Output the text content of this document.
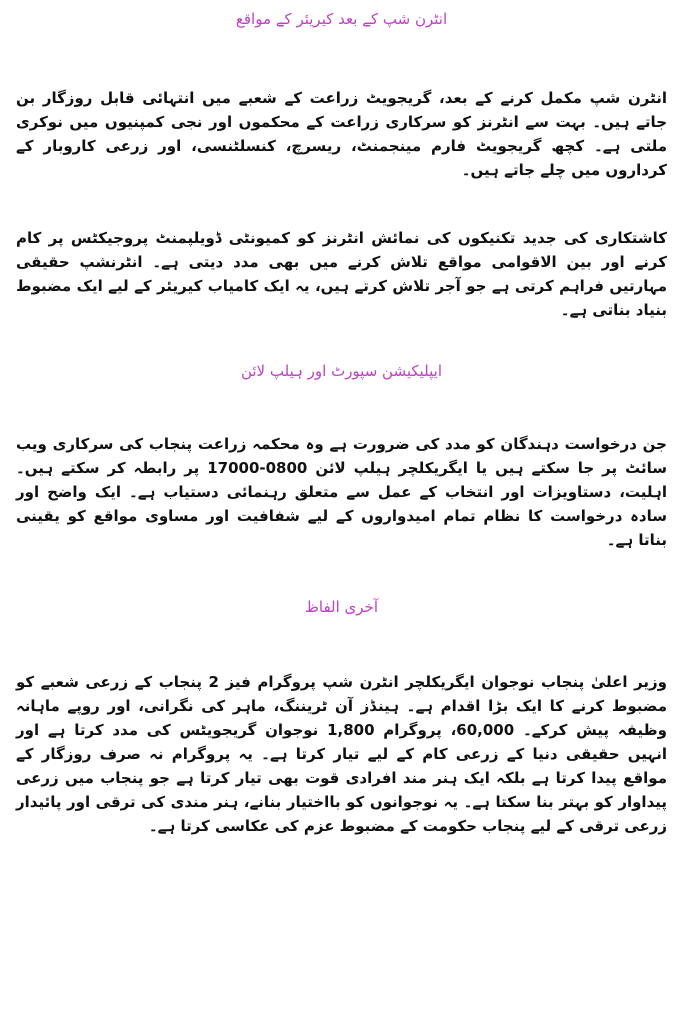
انٹرن شپ کے بعد کیریئر کے مواقع

انٹرن شپ مکمل کرنے کے بعد، گریجویٹ زراعت کے شعبے میں انتہائی قابل روزگار بن جاتے ہیں۔ بہت سے انٹرنز کو سرکاری زراعت کے محکموں اور نجی کمپنیوں میں نوکری ملتی ہے۔ کچھ گریجویٹ فارم مینجمنٹ، ریسرچ، کنسلٹنسی، اور زرعی کاروبار کے کرداروں میں چلے جاتے ہیں۔

کاشتکاری کی جدید تکنیکوں کی نمائش انٹرنز کو کمیونٹی ڈویلپمنٹ پروجیکٹس پر کام کرنے اور بین الاقوامی مواقع تلاش کرنے میں بھی مدد دیتی ہے۔ انٹرنشپ حقیقی مہارتیں فراہم کرتی ہے جو آجر تلاش کرتے ہیں، یہ ایک کامیاب کیریئر کے لیے ایک مضبوط بنیاد بناتی ہے۔

ایپلیکیشن سپورٹ اور ہیلپ لائن

جن درخواست دہندگان کو مدد کی ضرورت ہے وہ محکمہ زراعت پنجاب کی سرکاری ویب سائٹ پر جا سکتے ہیں یا ایگریکلچر ہیلپ لائن 0800-17000 پر رابطہ کر سکتے ہیں۔ اہلیت، دستاویزات اور انتخاب کے عمل سے متعلق رہنمائی دستیاب ہے۔ ایک واضح اور سادہ درخواست کا نظام تمام امیدواروں کے لیے شفافیت اور مساوی مواقع کو یقینی بناتا ہے۔

آخری الفاظ

وزیر اعلیٰ پنجاب نوجوان ایگریکلچر انٹرن شپ پروگرام فیز 2 پنجاب کے زرعی شعبے کو مضبوط کرنے کا ایک بڑا اقدام ہے۔ ہینڈز آن ٹریننگ، ماہر کی نگرانی، اور روپے ماہانہ وظیفہ پیش کرکے۔ 60,000، پروگرام 1,800 نوجوان گریجویٹس کی مدد کرتا ہے اور انہیں حقیقی دنیا کے زرعی کام کے لیے تیار کرتا ہے۔ یہ پروگرام نہ صرف روزگار کے مواقع پیدا کرتا ہے بلکہ ایک ہنر مند افرادی قوت بھی تیار کرتا ہے جو پنجاب میں زرعی پیداوار کو بہتر بنا سکتا ہے۔ یہ نوجوانوں کو بااختیار بنانے، ہنر مندی کی ترقی اور پائیدار زرعی ترقی کے لیے پنجاب حکومت کے مضبوط عزم کی عکاسی کرتا ہے۔
